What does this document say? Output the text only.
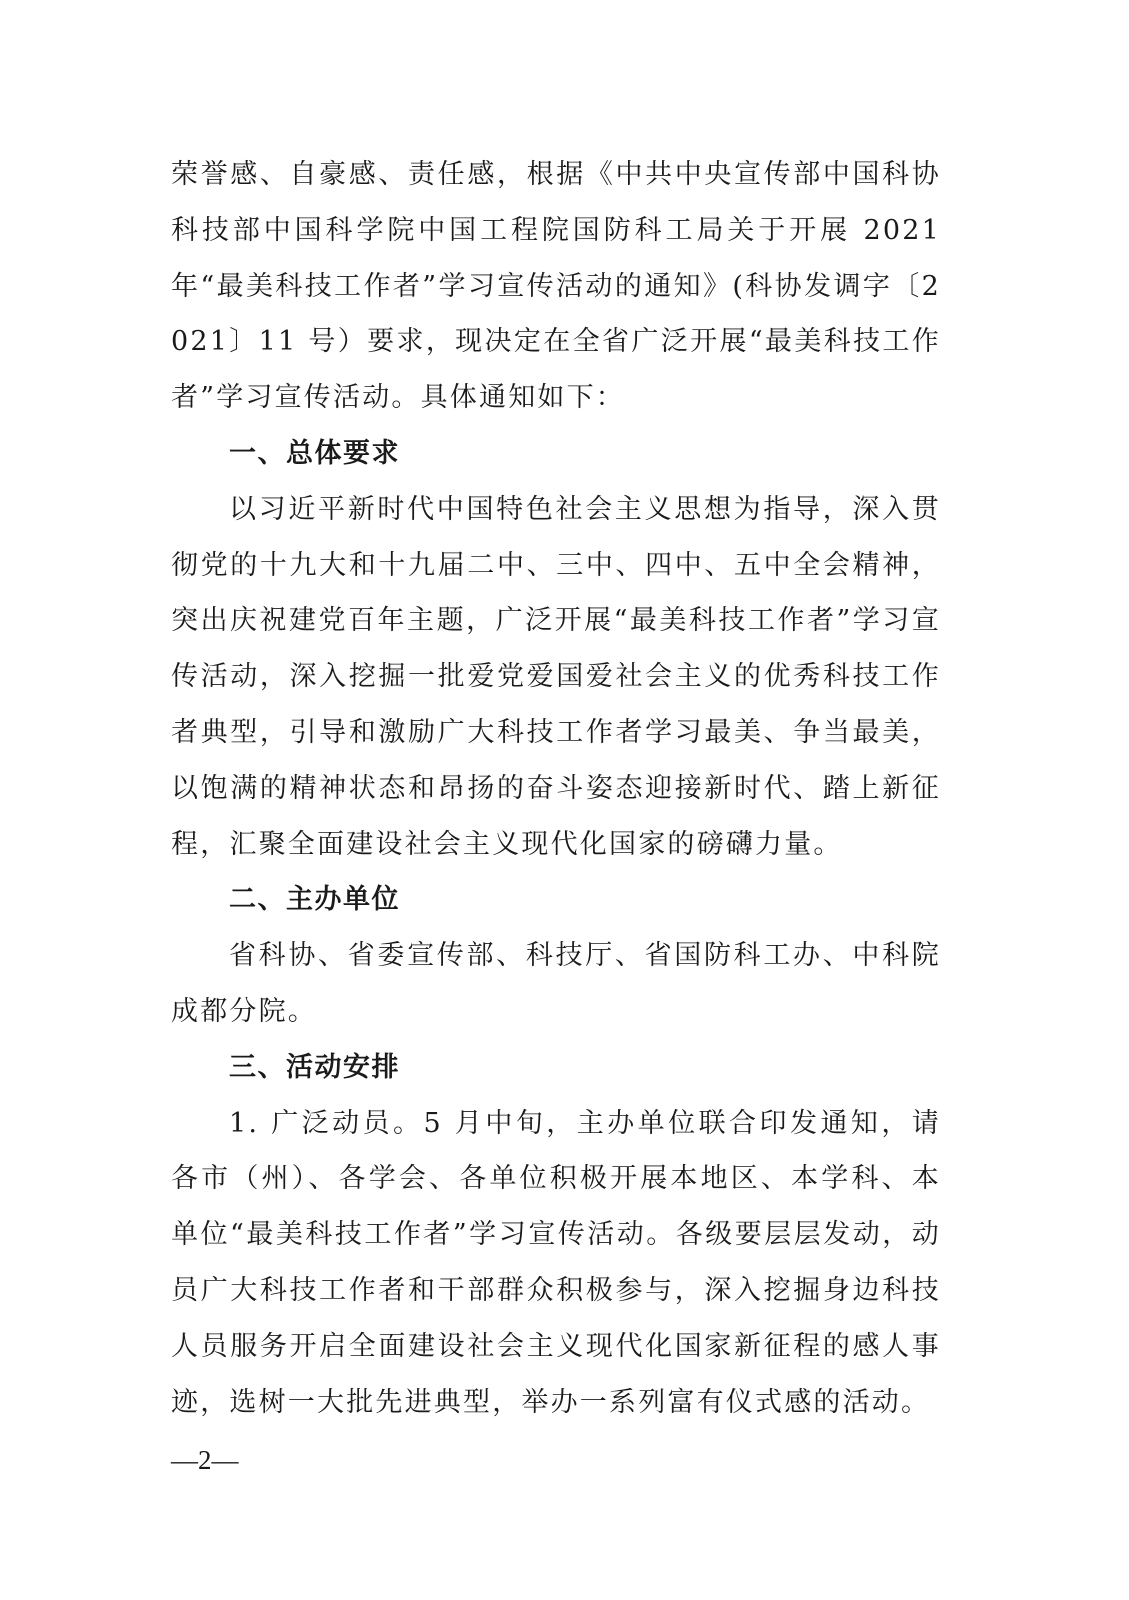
荣誉感、自豪感、责任感，根据《中共中央宣传部中国科协科技部中国科学院中国工程院国防科工局关于开展 2021 年“最美科技工作者”学习宣传活动的通知》(科协发调字〔2021〕11 号）要求，现决定在全省广泛开展“最美科技工作者”学习宣传活动。具体通知如下：

一、总体要求

以习近平新时代中国特色社会主义思想为指导，深入贯彻党的十九大和十九届二中、三中、四中、五中全会精神，突出庆祝建党百年主题，广泛开展“最美科技工作者”学习宣传活动，深入挖掘一批爱党爱国爱社会主义的优秀科技工作者典型，引导和激励广大科技工作者学习最美、争当最美，以饱满的精神状态和昂扬的奋斗姿态迎接新时代、踏上新征程，汇聚全面建设社会主义现代化国家的磅礴力量。

二、主办单位

省科协、省委宣传部、科技厅、省国防科工办、中科院成都分院。

三、活动安排

1. 广泛动员。5 月中旬，主办单位联合印发通知，请各市（州）、各学会、各单位积极开展本地区、本学科、本单位“最美科技工作者”学习宣传活动。各级要层层发动，动员广大科技工作者和干部群众积极参与，深入挖掘身边科技人员服务开启全面建设社会主义现代化国家新征程的感人事迹，选树一大批先进典型，举办一系列富有仪式感的活动。

—2—
